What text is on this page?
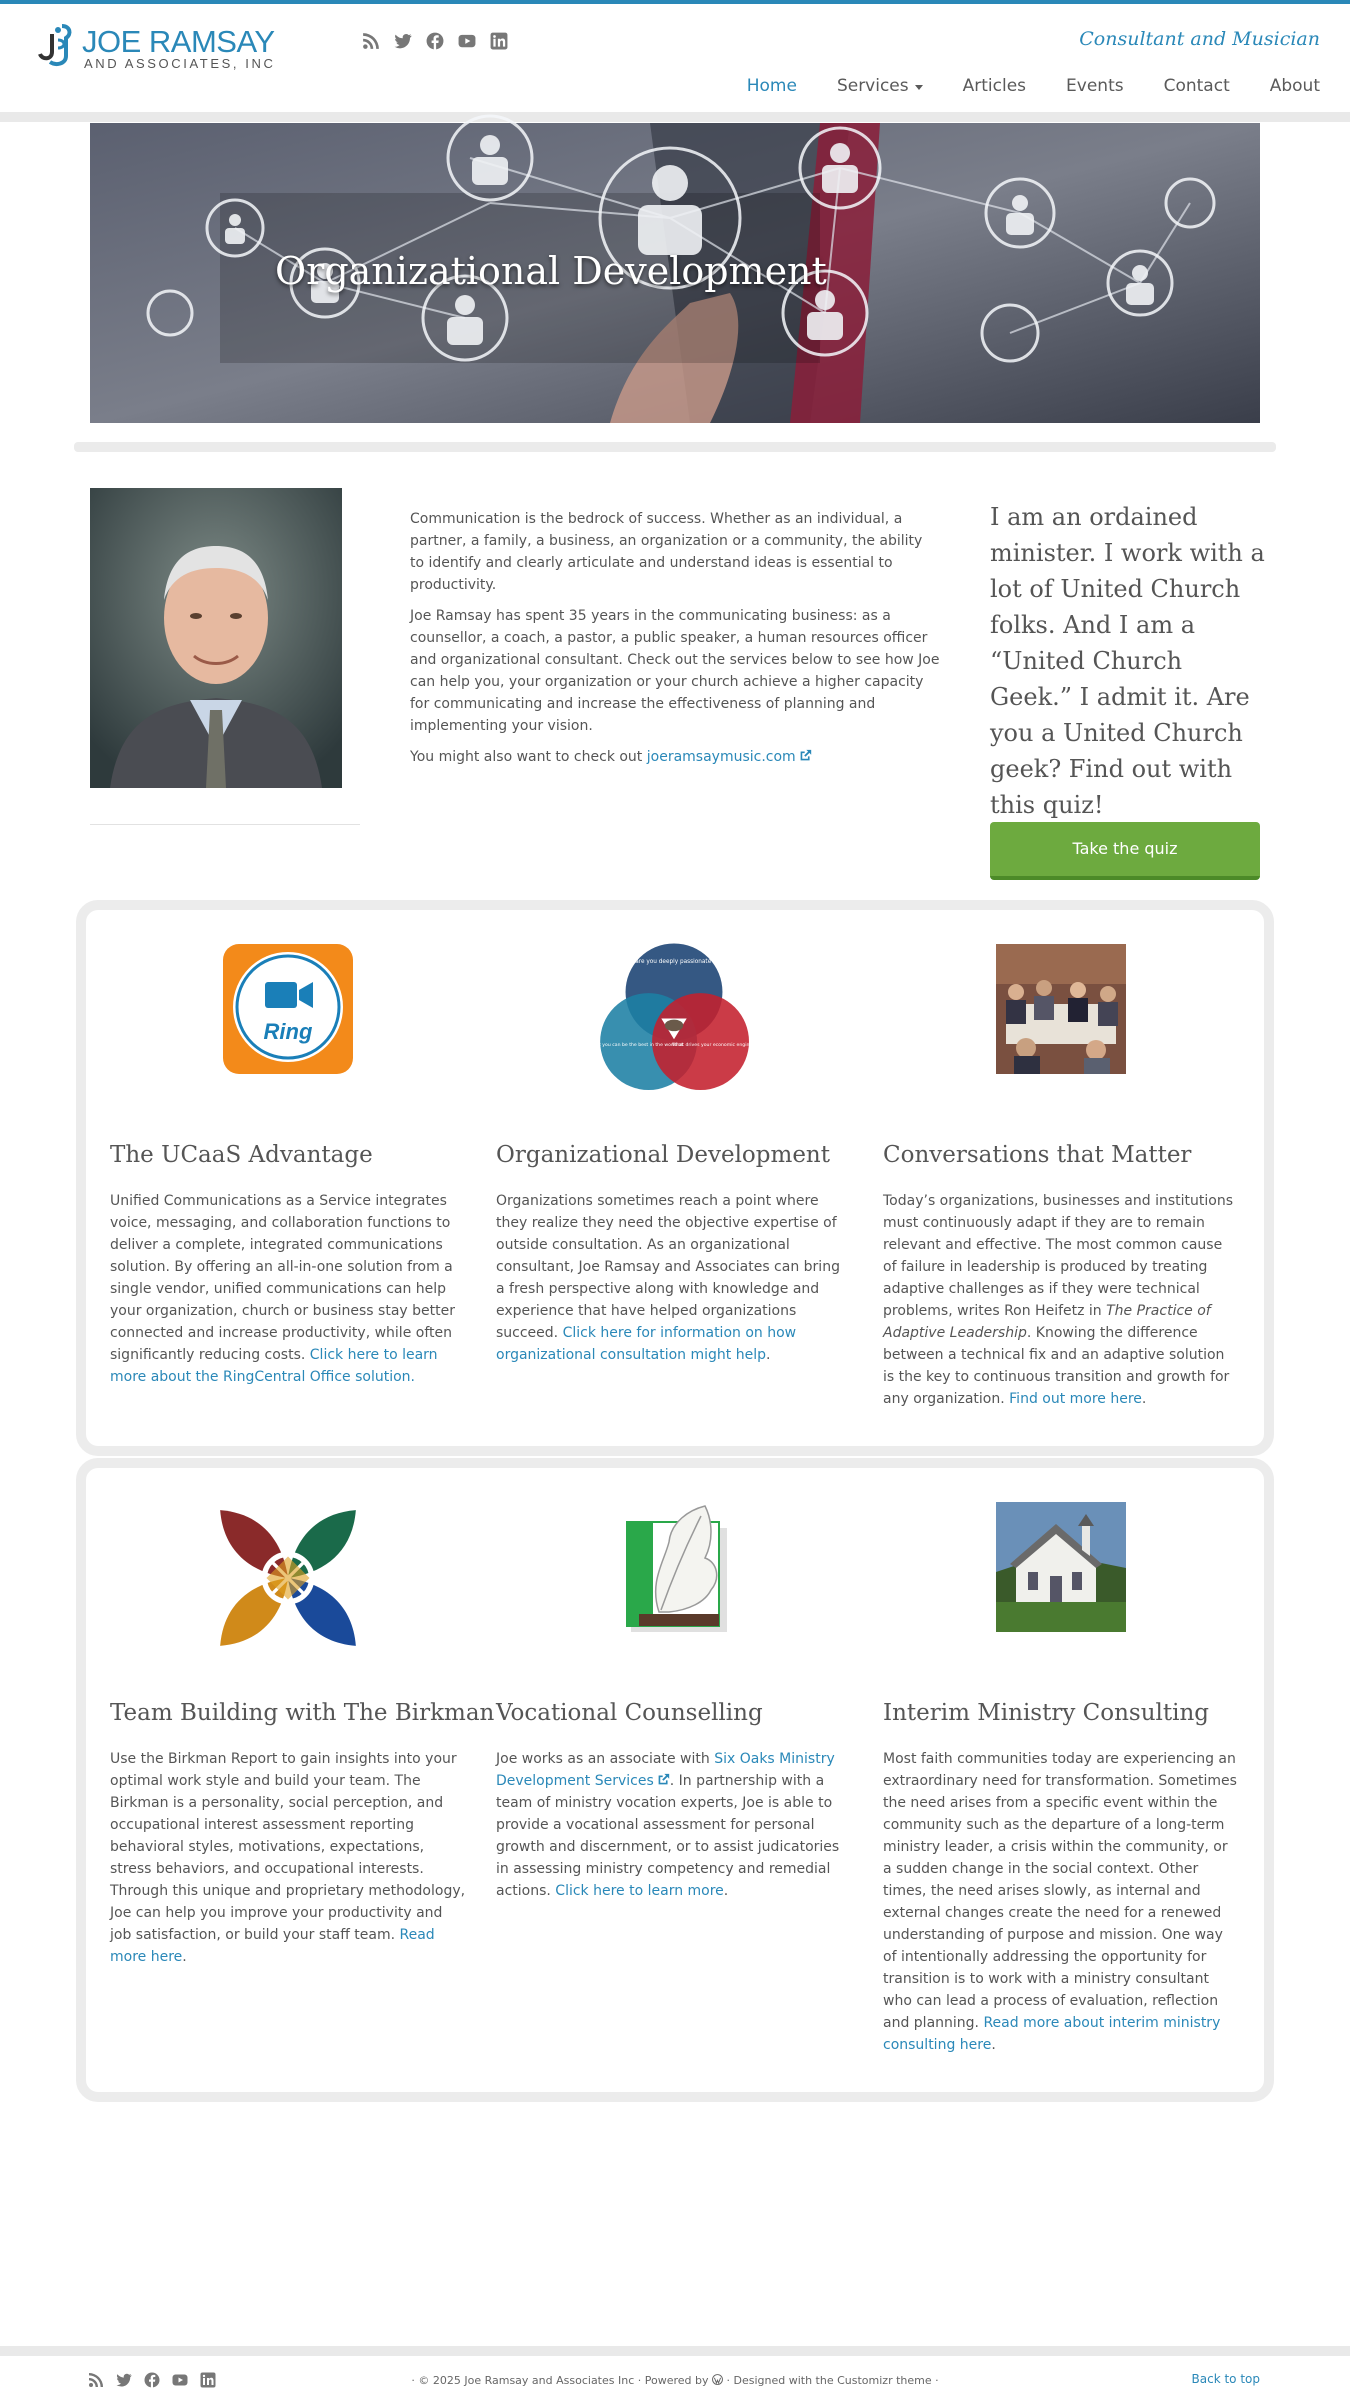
JOE RAMSAY
AND ASSOCIATES, INC
Consultant and Musician
Home Services	Articles Events Contact About
Organizational Development

Communication is the bedrock of success. Whether as an individual, a partner, a family, a business, an organization or a community, the ability to identify and clearly articulate and understand ideas is essential to productivity.

Joe Ramsay has spent 35 years in the communicating business: as a counsellor, a coach, a pastor, a public speaker, a human resources officer and organizational consultant. Check out the services below to see how Joe can help you, your organization or your church achieve a higher capacity for communicating and increase the effectiveness of planning and implementing your vision.

You might also want to check out joeramsaymusic.com

I am an ordained minister. I work with a lot of United Church folks. And I am a “United Church Geek.” I admit it. Are you a United Church geek? Find out with this quiz!
Take the quiz
Ring
The UCaaS Advantage

Unified Communications as a Service integrates voice, messaging, and collaboration functions to deliver a complete, integrated communications solution. By offering an all-in-one solution from a single vendor, unified communications can help your organization, church or business stay better connected and increase productivity, while often significantly reducing costs. Click here to learn more about the RingCentral Office solution.

What are you deeply passionate about
What you can be the best in the world at
What drives your economic engine
Organizational Development

Organizations sometimes reach a point where they realize they need the objective expertise of outside consultation. As an organizational consultant, Joe Ramsay and Associates can bring a fresh perspective along with knowledge and experience that have helped organizations succeed. Click here for information on how organizational consultation might help.

Conversations that Matter

Today’s organizations, businesses and institutions must continuously adapt if they are to remain relevant and effective. The most common cause of failure in leadership is produced by treating adaptive challenges as if they were technical problems, writes Ron Heifetz in The Practice of Adaptive Leadership. Knowing the difference between a technical fix and an adaptive solution is the key to continuous transition and growth for any organization. Find out more here.

Team Building with The Birkman

Use the Birkman Report to gain insights into your optimal work style and build your team. The Birkman is a personality, social perception, and occupational interest assessment reporting behavioral styles, motivations, expectations, stress behaviors, and occupational interests. Through this unique and proprietary methodology, Joe can help you improve your productivity and job satisfaction, or build your staff team. Read more here.

Vocational Counselling

Joe works as an associate with Six Oaks Ministry Development Services . In partnership with a team of ministry vocation experts, Joe is able to provide a vocational assessment for personal growth and discernment, or to assist judicatories in assessing ministry competency and remedial actions. Click here to learn more.

Interim Ministry Consulting

Most faith communities today are experiencing an extraordinary need for transformation. Sometimes the need arises from a specific event within the community such as the departure of a long-term ministry leader, a crisis within the community, or a sudden change in the social context. Other times, the need arises slowly, as internal and external changes create the need for a renewed understanding of purpose and mission. One way of intentionally addressing the opportunity for transition is to work with a ministry consultant who can lead a process of evaluation, reflection and planning. Read more about interim ministry consulting here.

· © 2025 Joe Ramsay and Associates Inc · Powered by  · Designed with the Customizr theme ·	Back to top
